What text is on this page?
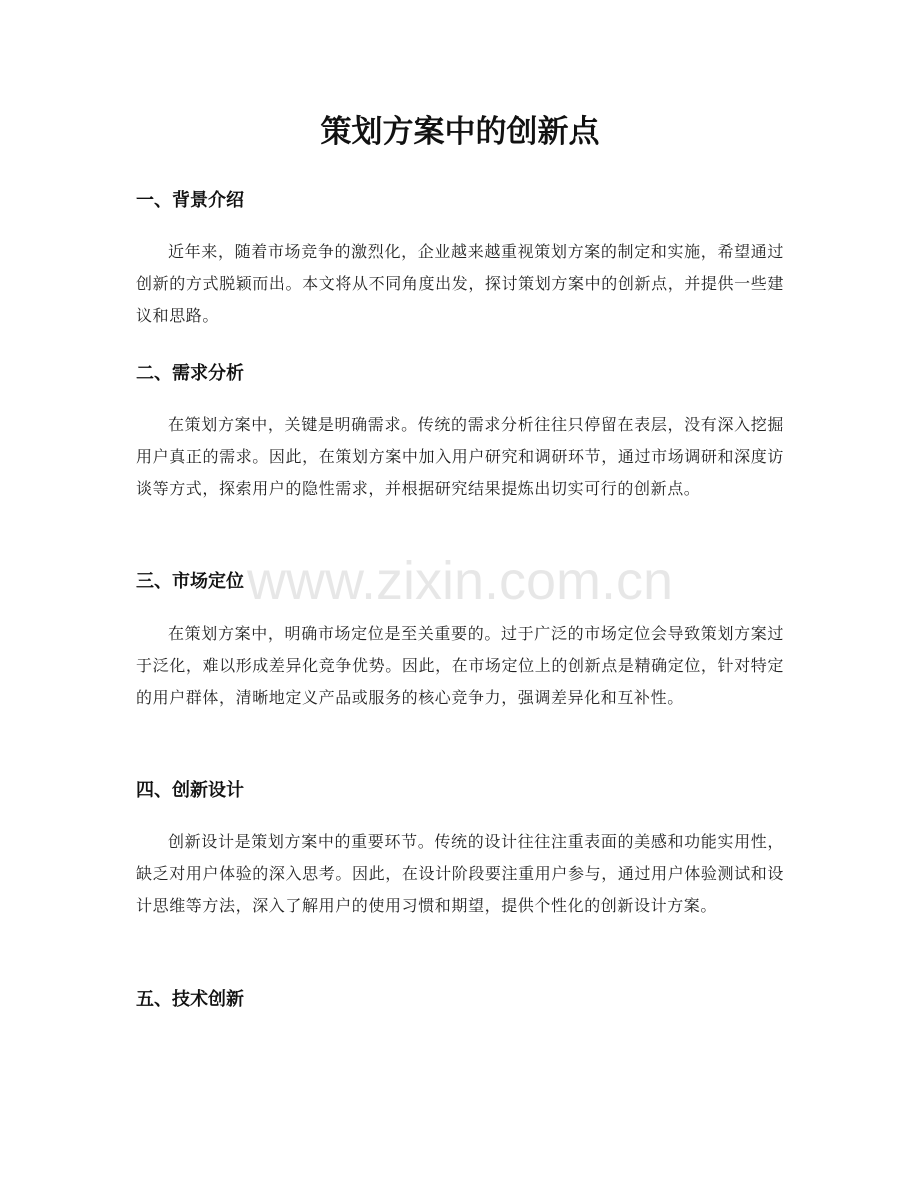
策划方案中的创新点
一、背景介绍

近年来，随着市场竞争的激烈化，企业越来越重视策划方案的制定和实施，希望通过创新的方式脱颖而出。本文将从不同角度出发，探讨策划方案中的创新点，并提供一些建议和思路。

二、需求分析

在策划方案中，关键是明确需求。传统的需求分析往往只停留在表层，没有深入挖掘用户真正的需求。因此，在策划方案中加入用户研究和调研环节，通过市场调研和深度访谈等方式，探索用户的隐性需求，并根据研究结果提炼出切实可行的创新点。

三、市场定位

在策划方案中，明确市场定位是至关重要的。过于广泛的市场定位会导致策划方案过于泛化，难以形成差异化竞争优势。因此，在市场定位上的创新点是精确定位，针对特定的用户群体，清晰地定义产品或服务的核心竞争力，强调差异化和互补性。

四、创新设计

创新设计是策划方案中的重要环节。传统的设计往往注重表面的美感和功能实用性，缺乏对用户体验的深入思考。因此，在设计阶段要注重用户参与，通过用户体验测试和设计思维等方法，深入了解用户的使用习惯和期望，提供个性化的创新设计方案。

五、技术创新
www.zixin.com.cn
